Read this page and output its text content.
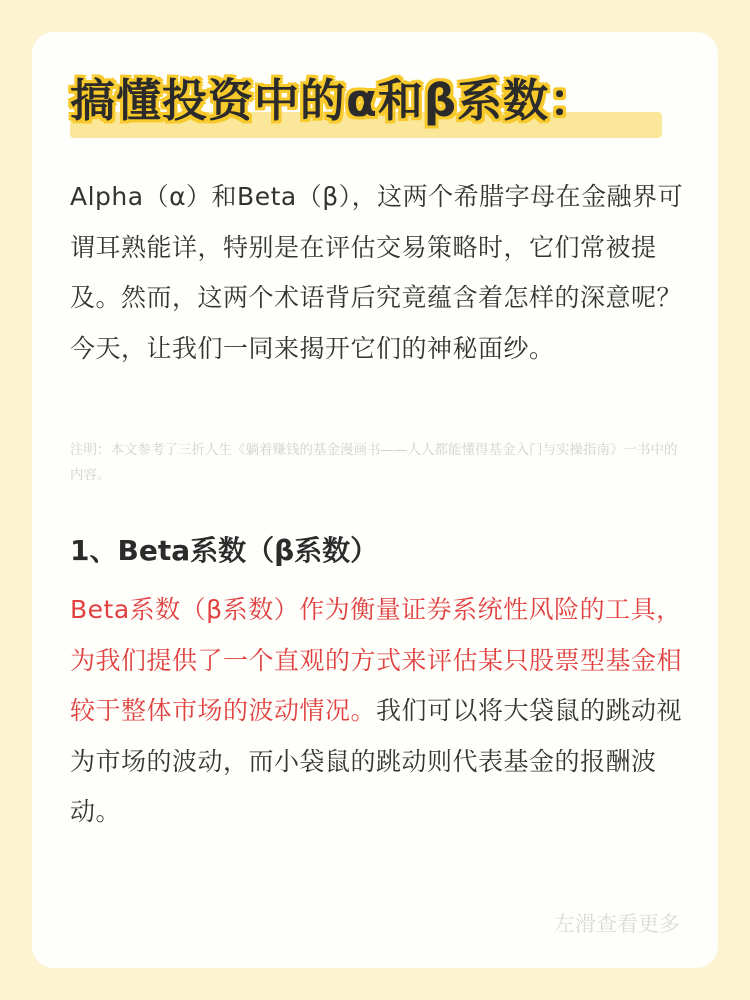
搞懂投资中的α和β系数：

Alpha（α）和Beta（β），这两个希腊字母在金融界可谓耳熟能详，特别是在评估交易策略时，它们常被提及。然而，这两个术语背后究竟蕴含着怎样的深意呢？今天，让我们一同来揭开它们的神秘面纱。

注明：本文参考了三折人生《躺着赚钱的基金漫画书——人人都能懂得基金入门与实操指南》一书中的内容。

1、Beta系数（β系数）

Beta系数（β系数）作为衡量证券系统性风险的工具，为我们提供了一个直观的方式来评估某只股票型基金相较于整体市场的波动情况。我们可以将大袋鼠的跳动视为市场的波动，而小袋鼠的跳动则代表基金的报酬波动。

左滑查看更多
